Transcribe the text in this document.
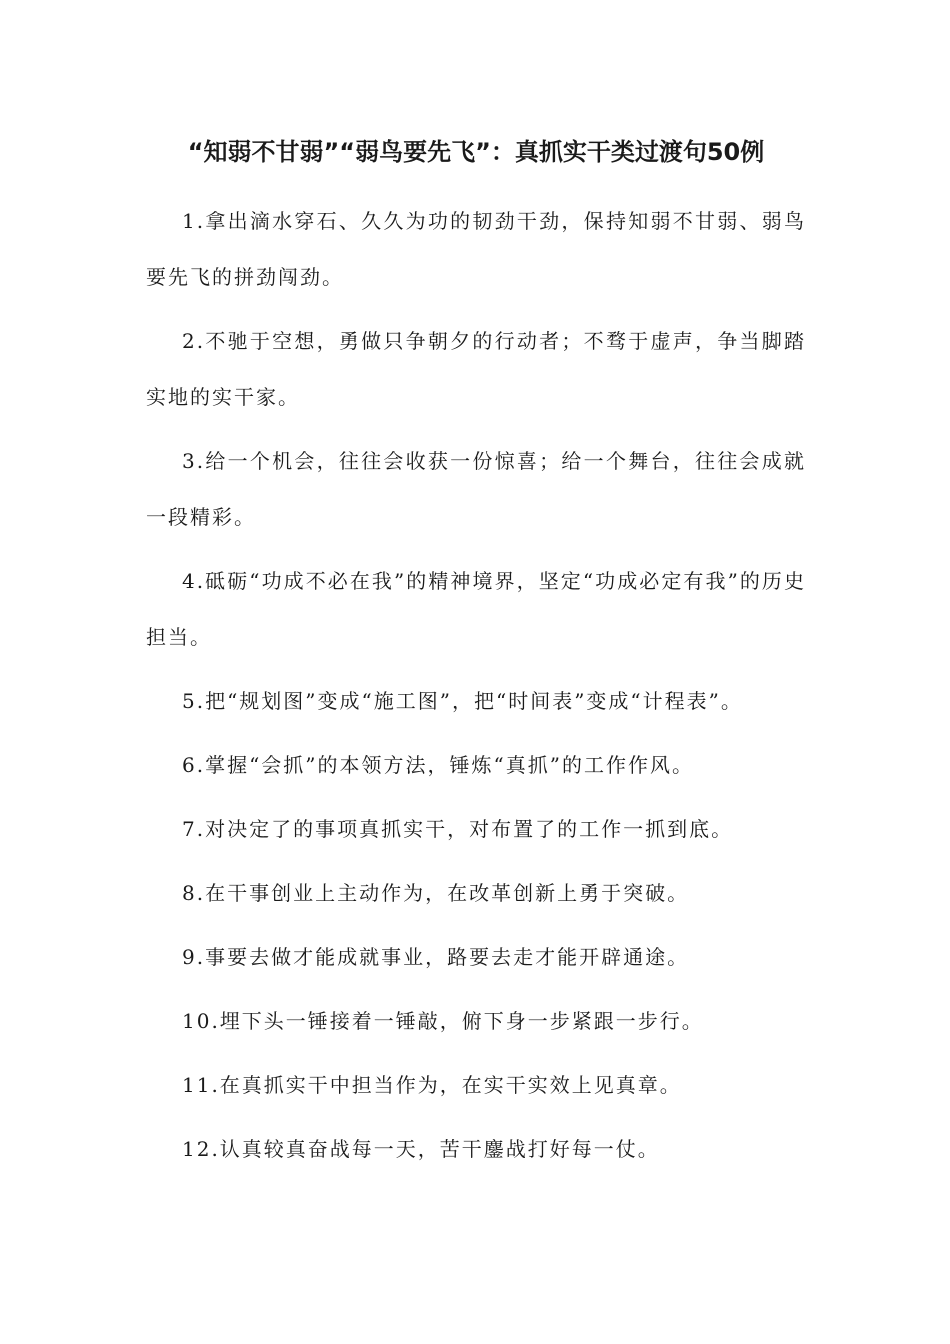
“知弱不甘弱”“弱鸟要先飞”：真抓实干类过渡句50例
1.拿出滴水穿石、久久为功的韧劲干劲，保持知弱不甘弱、弱鸟要先飞的拼劲闯劲。
2.不驰于空想，勇做只争朝夕的行动者；不骛于虚声，争当脚踏实地的实干家。
3.给一个机会，往往会收获一份惊喜；给一个舞台，往往会成就一段精彩。
4.砥砺“功成不必在我”的精神境界，坚定“功成必定有我”的历史担当。
5.把“规划图”变成“施工图”，把“时间表”变成“计程表”。
6.掌握“会抓”的本领方法，锤炼“真抓”的工作作风。
7.对决定了的事项真抓实干，对布置了的工作一抓到底。
8.在干事创业上主动作为，在改革创新上勇于突破。
9.事要去做才能成就事业，路要去走才能开辟通途。
10.埋下头一锤接着一锤敲，俯下身一步紧跟一步行。
11.在真抓实干中担当作为，在实干实效上见真章。
12.认真较真奋战每一天，苦干鏖战打好每一仗。
